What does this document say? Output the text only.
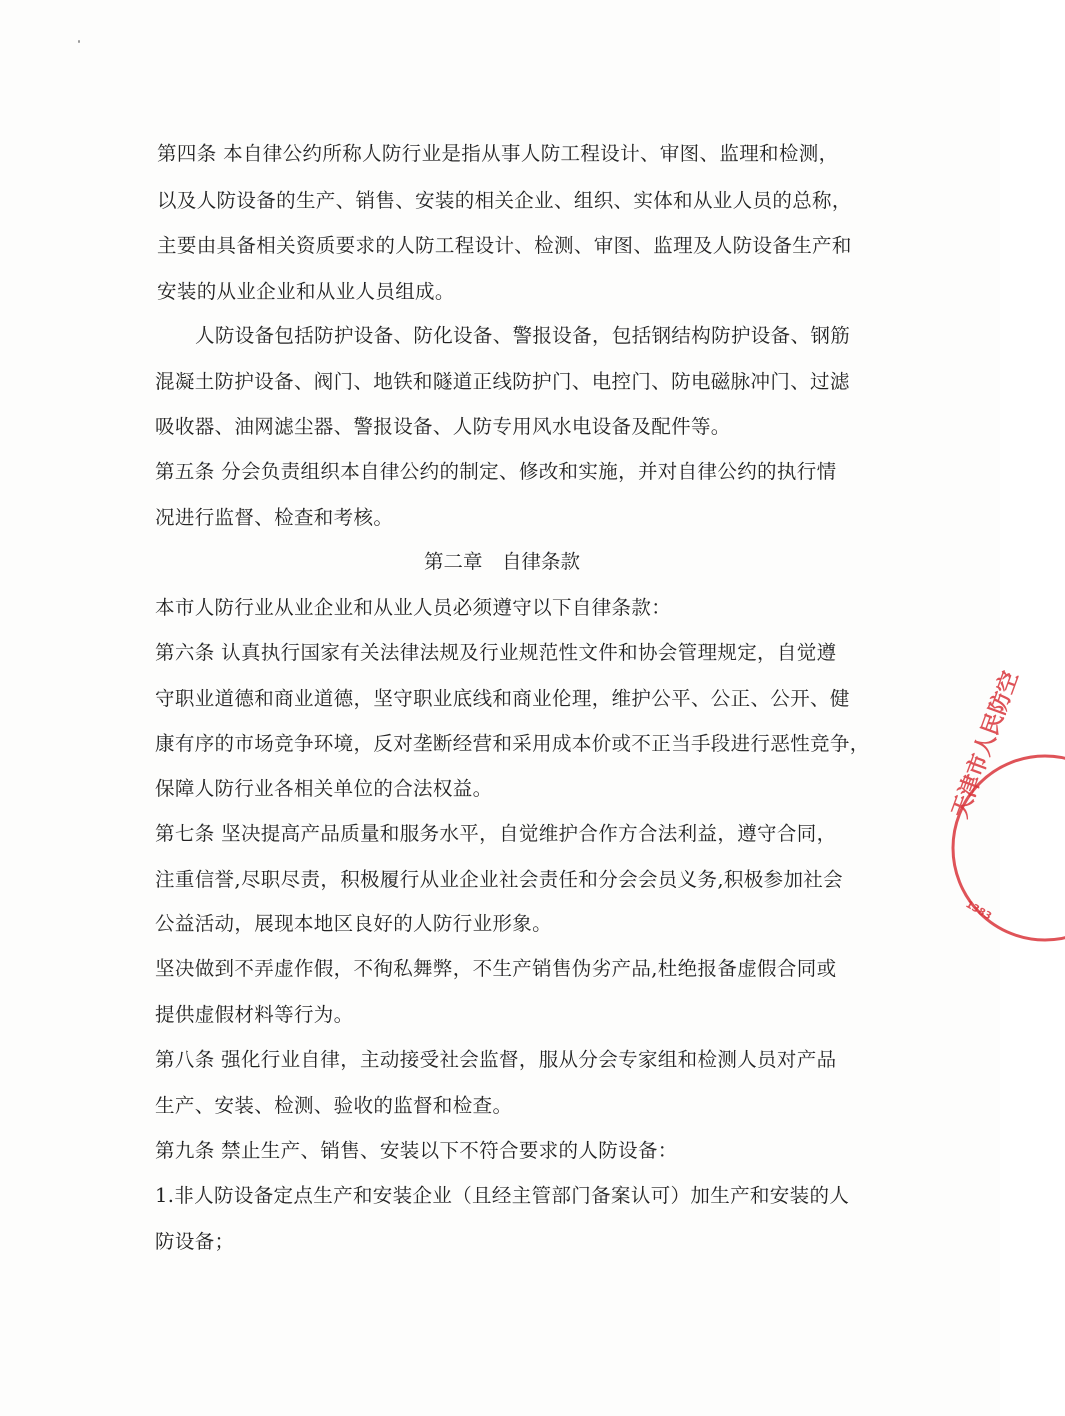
第四条 本自律公约所称人防行业是指从事人防工程设计、审图、监理和检测，
以及人防设备的生产、销售、安装的相关企业、组织、实体和从业人员的总称，
主要由具备相关资质要求的人防工程设计、检测、审图、监理及人防设备生产和
安装的从业企业和从业人员组成。
人防设备包括防护设备、防化设备、警报设备，包括钢结构防护设备、钢筋
混凝土防护设备、阀门、地铁和隧道正线防护门、电控门、防电磁脉冲门、过滤
吸收器、油网滤尘器、警报设备、人防专用风水电设备及配件等。
第五条 分会负责组织本自律公约的制定、修改和实施，并对自律公约的执行情
况进行监督、检查和考核。
第二章　自律条款
本市人防行业从业企业和从业人员必须遵守以下自律条款：
第六条 认真执行国家有关法律法规及行业规范性文件和协会管理规定，自觉遵
守职业道德和商业道德，坚守职业底线和商业伦理，维护公平、公正、公开、健
康有序的市场竞争环境，反对垄断经营和采用成本价或不正当手段进行恶性竞争，
保障人防行业各相关单位的合法权益。
第七条 坚决提高产品质量和服务水平，自觉维护合作方合法利益，遵守合同，
注重信誉,尽职尽责，积极履行从业企业社会责任和分会会员义务,积极参加社会
公益活动，展现本地区良好的人防行业形象。
坚决做到不弄虚作假，不徇私舞弊，不生产销售伪劣产品,杜绝报备虚假合同或
提供虚假材料等行为。
第八条 强化行业自律，主动接受社会监督，服从分会专家组和检测人员对产品
生产、安装、检测、验收的监督和检查。
第九条 禁止生产、销售、安装以下不符合要求的人防设备：
1.非人防设备定点生产和安装企业（且经主管部门备案认可）加生产和安装的人
防设备；
天津市人民防空
1383
